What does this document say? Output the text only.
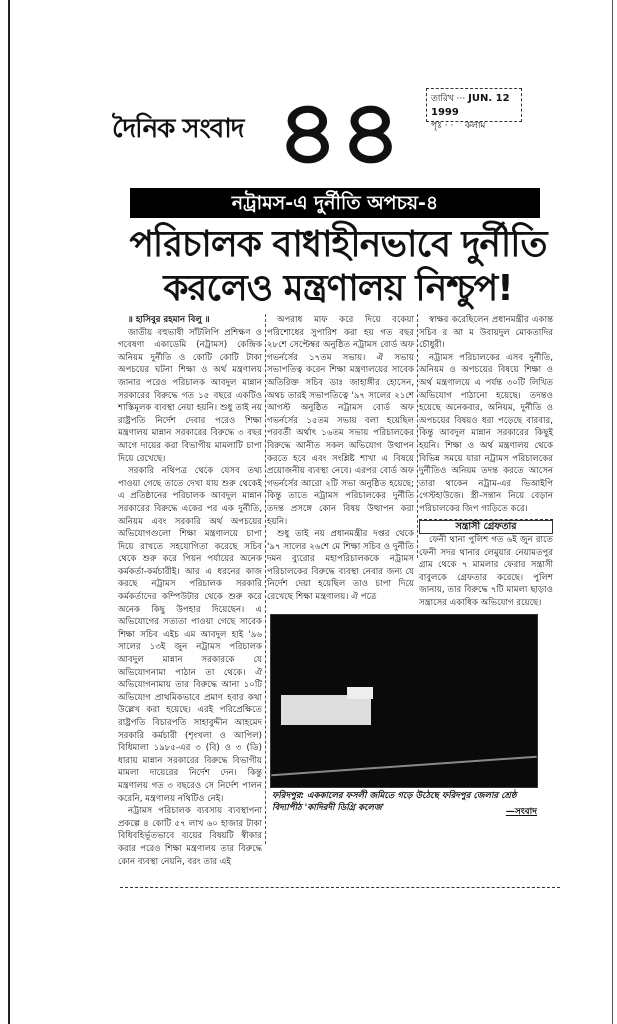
দৈনিক সংবাদ ৪৪	তারিখ ··· JUN. 12 1999
পৃঃ · ·    কলাম
নট্রামস-এ দুর্নীতি অপচয়-৪
পরিচালক বাধাহীনভাবে দুর্নীতি
করলেও মন্ত্রণালয় নিশ্চুপ!

॥ হাসিবুর রহমান বিলু ॥

জাতীয় বহুভাষী সাঁটলিপি প্রশিক্ষণ ও গবেষণা একাডেমি (নট্রামস) কেন্দ্রিক অনিয়ম দুর্নীতি ও কোটি কোটি টাকা অপচয়ের ঘটনা শিক্ষা ও অর্থ মন্ত্রণালয় জানার পরেও পরিচালক আবদুল মান্নান সরকারের বিরুদ্ধে গত ১৫ বছরে একটিও শাস্তিমূলক ব্যবস্থা নেয়া হয়নি। শুধু তাই নয় রাষ্ট্রপতি নির্দেশ দেবার পরেও শিক্ষা মন্ত্রণালয় মান্নান সরকারের বিরুদ্ধে ৩ বছর আগে দায়ের করা বিভাগীয় মামলাটি চাপা দিয়ে রেখেছে।

সরকারি নথিপত্র থেকে যেসব তথ্য পাওয়া গেছে তাতে দেখা যায় শুরু থেকেই এ প্রতিষ্ঠানের পরিচালক আবদুল মান্নান সরকারের বিরুদ্ধে একের পর এক দুর্নীতি, অনিয়ম এবং সরকারি অর্থ অপচয়ের অভিযোগগুলো শিক্ষা মন্ত্রণালয়ে চাপা দিয়ে রাখতে সহযোগিতা করেছে সচিব থেকে শুরু করে পিয়ন পর্যায়ের অনেক কর্মকর্তা-কর্মচারীই। আর এ ধরনের কাজ করছে নট্রামস পরিচালক সরকারি কর্মকর্তাদের কম্পিউটার থেকে শুরু করে অনেক কিছু উপহার দিয়েছেন। এ অভিযোগের সত্যতা পাওয়া গেছে সাবেক শিক্ষা সচিব এইচ এম আবদুল হাই '৯৬ সালের ১৩ই জুন নট্রামস পরিচালক আবদুল মান্নান সরকারকে যে অভিযোগনামা পাঠান তা থেকে। ঐ অভিযোগনামায় তার বিরুদ্ধে আনা ১০টি অভিযোগ প্রাথমিকভাবে প্রমাণ হবার কথা উল্লেখ করা হয়েছে। এরই পরিপ্রেক্ষিতে রাষ্ট্রপতি বিচারপতি সাহাবুদ্দীন আহমেদ সরকারি কর্মচারী (শৃংখলা ও আপিল) বিধিমালা ১৯৮৫-এর ৩ (বি) ও ৩ (ডি) ধারায় মান্নান সরকারের বিরুদ্ধে বিভাগীয় মামলা দায়েরের নির্দেশ দেন। কিন্তু মন্ত্রণালয় গত ৩ বছরেও সে নির্দেশ পালন করেনি, মন্ত্রণালয় নথিটিও নেই।

নট্রামস পরিচালক ব্যবসায় ব্যবস্থাপনা প্রকল্পে ৪ কোটি ৫৭ লাখ ৬০ হাজার টাকা বিধিবহির্ভূতভাবে ব্যয়ের বিষয়টি স্বীকার করার পরেও শিক্ষা মন্ত্রণালয় তার বিরুদ্ধে কোন ব্যবস্থা নেয়নি, বরং তার এই

অপরাধ মাফ করে দিয়ে বকেয়া পরিশোধের সুপারিশ করা হয় গত বছর ২৮শে সেপ্টেম্বর অনুষ্ঠিত নট্রামস বোর্ড অফ গভর্নর্সের ১৭তম সভায়। ঐ সভায় সভাপতিত্ব করেন শিক্ষা মন্ত্রণালয়ের সাবেক অতিরিক্ত সচিব ডাঃ জাহাঙ্গীর হোসেন, অথচ তারই সভাপতিত্বে '৯৭ সালের ২১শে আগস্ট অনুষ্ঠিত নট্রামস বোর্ড অফ গভর্নর্সের ১৫তম সভায় বলা হয়েছিল পরবর্তী অর্থাৎ ১৬তম সভায় পরিচালকের বিরুদ্ধে আনীত সকল অভিযোগ উত্থাপন করতে হবে এবং সংশ্লিষ্ট শাখা এ বিষয়ে প্রয়োজনীয় ব্যবস্থা নেবে। এরপর বোর্ড অফ গভর্নর্সের আরো ২টি সভা অনুষ্ঠিত হয়েছে; কিন্তু তাতে নট্রামস পরিচালকের দুর্নীতি তদন্ত প্রসঙ্গে কোন বিষয় উত্থাপন করা হয়নি।

শুধু তাই নয় প্রধানমন্ত্রীর দপ্তর থেকে '৯৭ সালের ২৬শে মে শিক্ষা সচিব ও দুর্নীতি দমন ব্যুরোর মহাপরিচালককে নট্রামস পরিচালকের বিরুদ্ধে ব্যবস্থা নেবার জন্য যে নির্দেশ দেয়া হয়েছিল তাও চাপা দিয়ে রেখেছে শিক্ষা মন্ত্রণালয়। ঐ পত্রে

স্বাক্ষর করেছিলেন প্রধানমন্ত্রীর একান্ত সচিব র আ ম উবায়দুল মোকতাদির চৌধুরী।

নট্রামস পরিচালকের এসব দুর্নীতি, অনিয়ম ও অপচয়ের বিষয়ে শিক্ষা ও অর্থ মন্ত্রণালয়ে এ পর্যন্ত ৩০টি লিখিত অভিযোগ পাঠানো হয়েছে। তদন্তও হয়েছে অনেকবার, অনিয়ম, দুর্নীতি ও অপচয়ের বিষয়ও ধরা পড়েছে বারবার, কিন্তু আবদুল মান্নান সরকারের কিছুই হয়নি। শিক্ষা ও অর্থ মন্ত্রণালয় থেকে বিভিন্ন সময়ে যারা নট্রামস পরিচালকের দুর্নীতিও অনিয়ম তদন্ত করতে আসেন তারা থাকেন নট্রাম-এর ভিআইপি গেস্টহাউজে। স্ত্রী-সন্তান নিয়ে বেড়ান পরিচালকের জিপ গাড়িতে করে।

সন্ত্রাসী গ্রেফতার

ফেনী থানা পুলিশ গত ৬ই জুন রাতে ফেনী সদর থানার লেমুয়ার নেয়ামতপুর গ্রাম থেকে ৭ মামলার ফেরার সন্ত্রাসী বাবুলকে গ্রেফতার করেছে। পুলিশ জানায়, তার বিরুদ্ধে ৭টি মামলা ছাড়াও সন্ত্রাসের একাধিক অভিযোগ রয়েছে।

ফরিদপুর: এককালের ফসলী জমিতে গড়ে উঠেছে ফরিদপুর জেলার শ্রেষ্ঠ বিদ্যাপীঠ 'কাদিরদী ডিগ্রি কলেজ'	—সংবাদ
